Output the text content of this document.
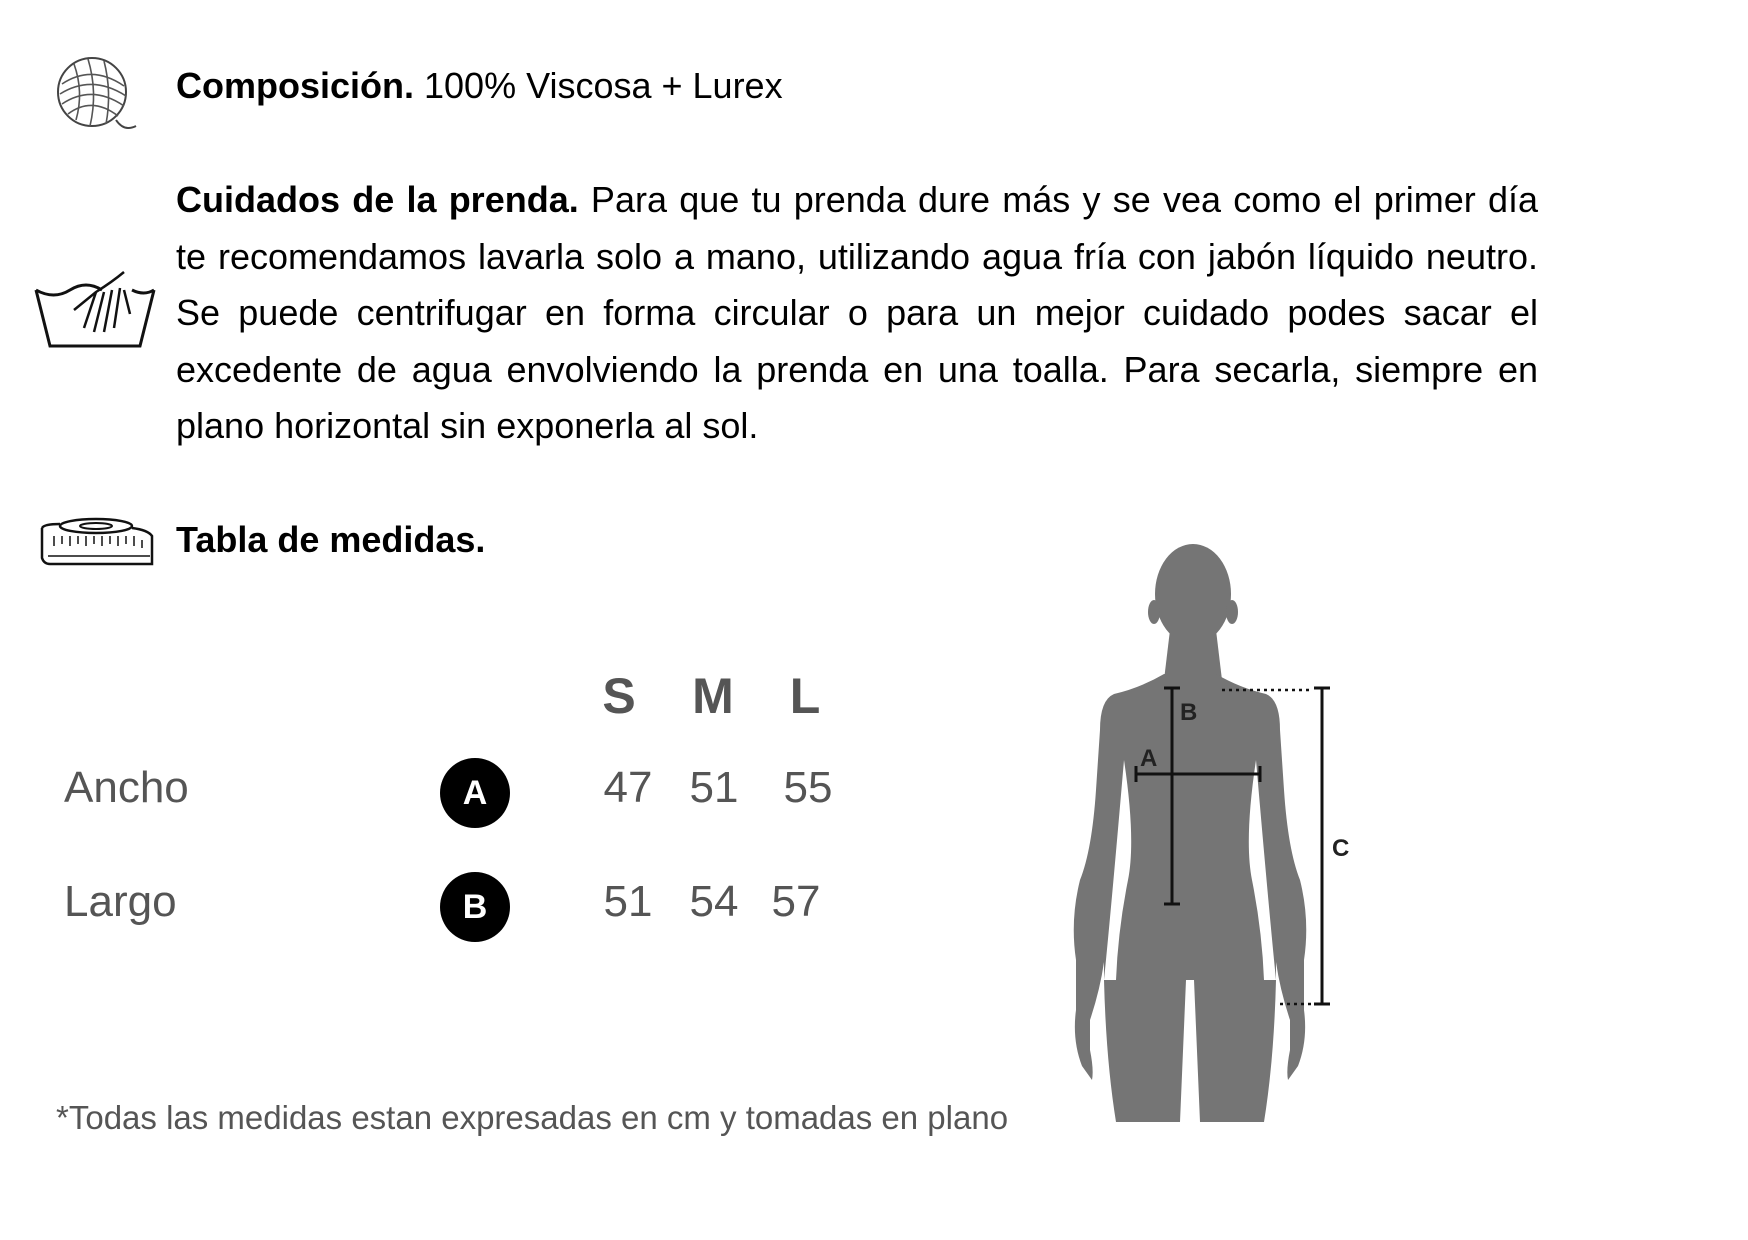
Composición. 100% Viscosa + Lurex
Cuidados de la prenda. Para que tu prenda dure más y se vea como el primer día te recomendamos lavarla solo a mano, utilizando agua fría con jabón líquido neutro. Se puede centrifugar en forma circular o para un mejor cuidado podes sacar el excedente de agua envolviendo la prenda en una toalla. Para secarla, siempre en plano horizontal sin exponerla al sol.
Tabla de medidas.
S	M	L
Ancho	A	47 51	55
Largo	B	51 54 57
*Todas las medidas estan expresadas en cm y tomadas en plano
B
A
C
